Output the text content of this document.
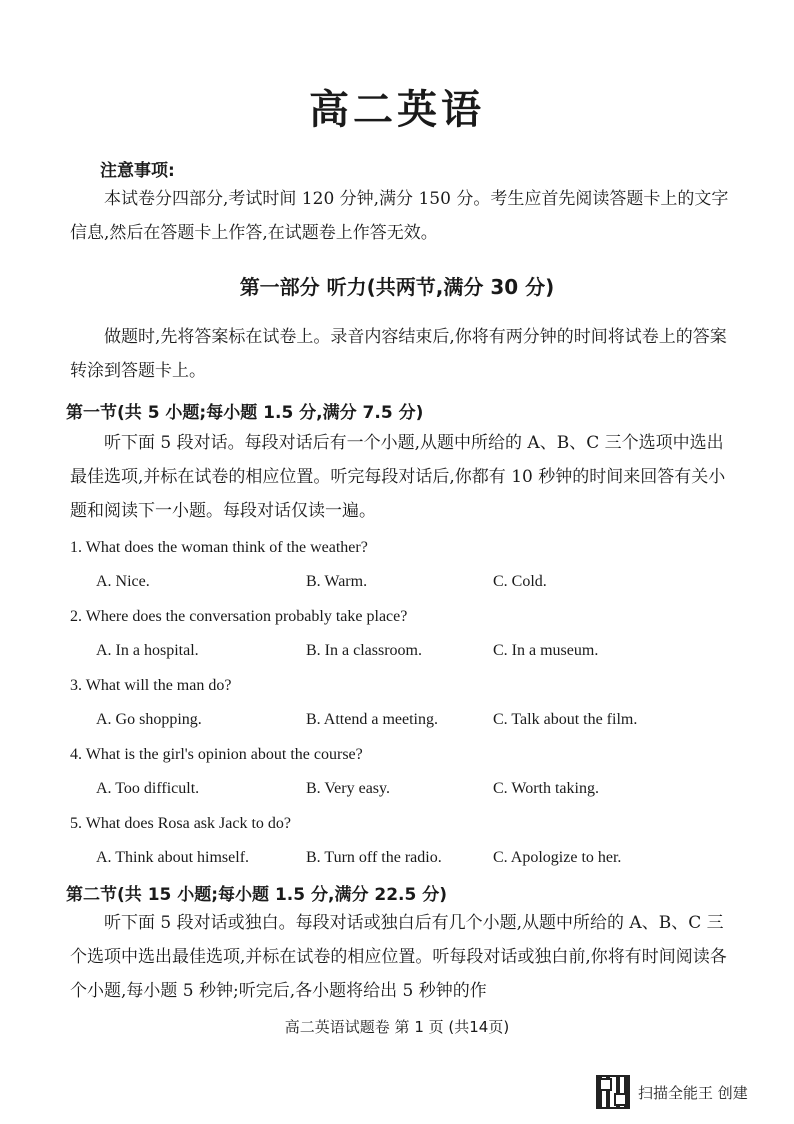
高二英语
注意事项:
本试卷分四部分,考试时间 120 分钟,满分 150 分。考生应首先阅读答题卡上的文字信息,然后在答题卡上作答,在试题卷上作答无效。
第一部分 听力(共两节,满分 30 分)
做题时,先将答案标在试卷上。录音内容结束后,你将有两分钟的时间将试卷上的答案转涂到答题卡上。
第一节(共 5 小题;每小题 1.5 分,满分 7.5 分)
听下面 5 段对话。每段对话后有一个小题,从题中所给的 A、B、C 三个选项中选出最佳选项,并标在试卷的相应位置。听完每段对话后,你都有 10 秒钟的时间来回答有关小题和阅读下一小题。每段对话仅读一遍。
1. What does the woman think of the weather?
A. Nice.	B. Warm.	C. Cold.
2. Where does the conversation probably take place?
A. In a hospital.	B. In a classroom.	C. In a museum.
3. What will the man do?
A. Go shopping.	B. Attend a meeting.	C. Talk about the film.
4. What is the girl's opinion about the course?
A. Too difficult.	B. Very easy.	C. Worth taking.
5. What does Rosa ask Jack to do?
A. Think about himself.	B. Turn off the radio.	C. Apologize to her.
第二节(共 15 小题;每小题 1.5 分,满分 22.5 分)
听下面 5 段对话或独白。每段对话或独白后有几个小题,从题中所给的 A、B、C 三个选项中选出最佳选项,并标在试卷的相应位置。听每段对话或独白前,你将有时间阅读各个小题,每小题 5 秒钟;听完后,各小题将给出 5 秒钟的作
高二英语试题卷 第 1 页 (共14页)
扫描全能王 创建
